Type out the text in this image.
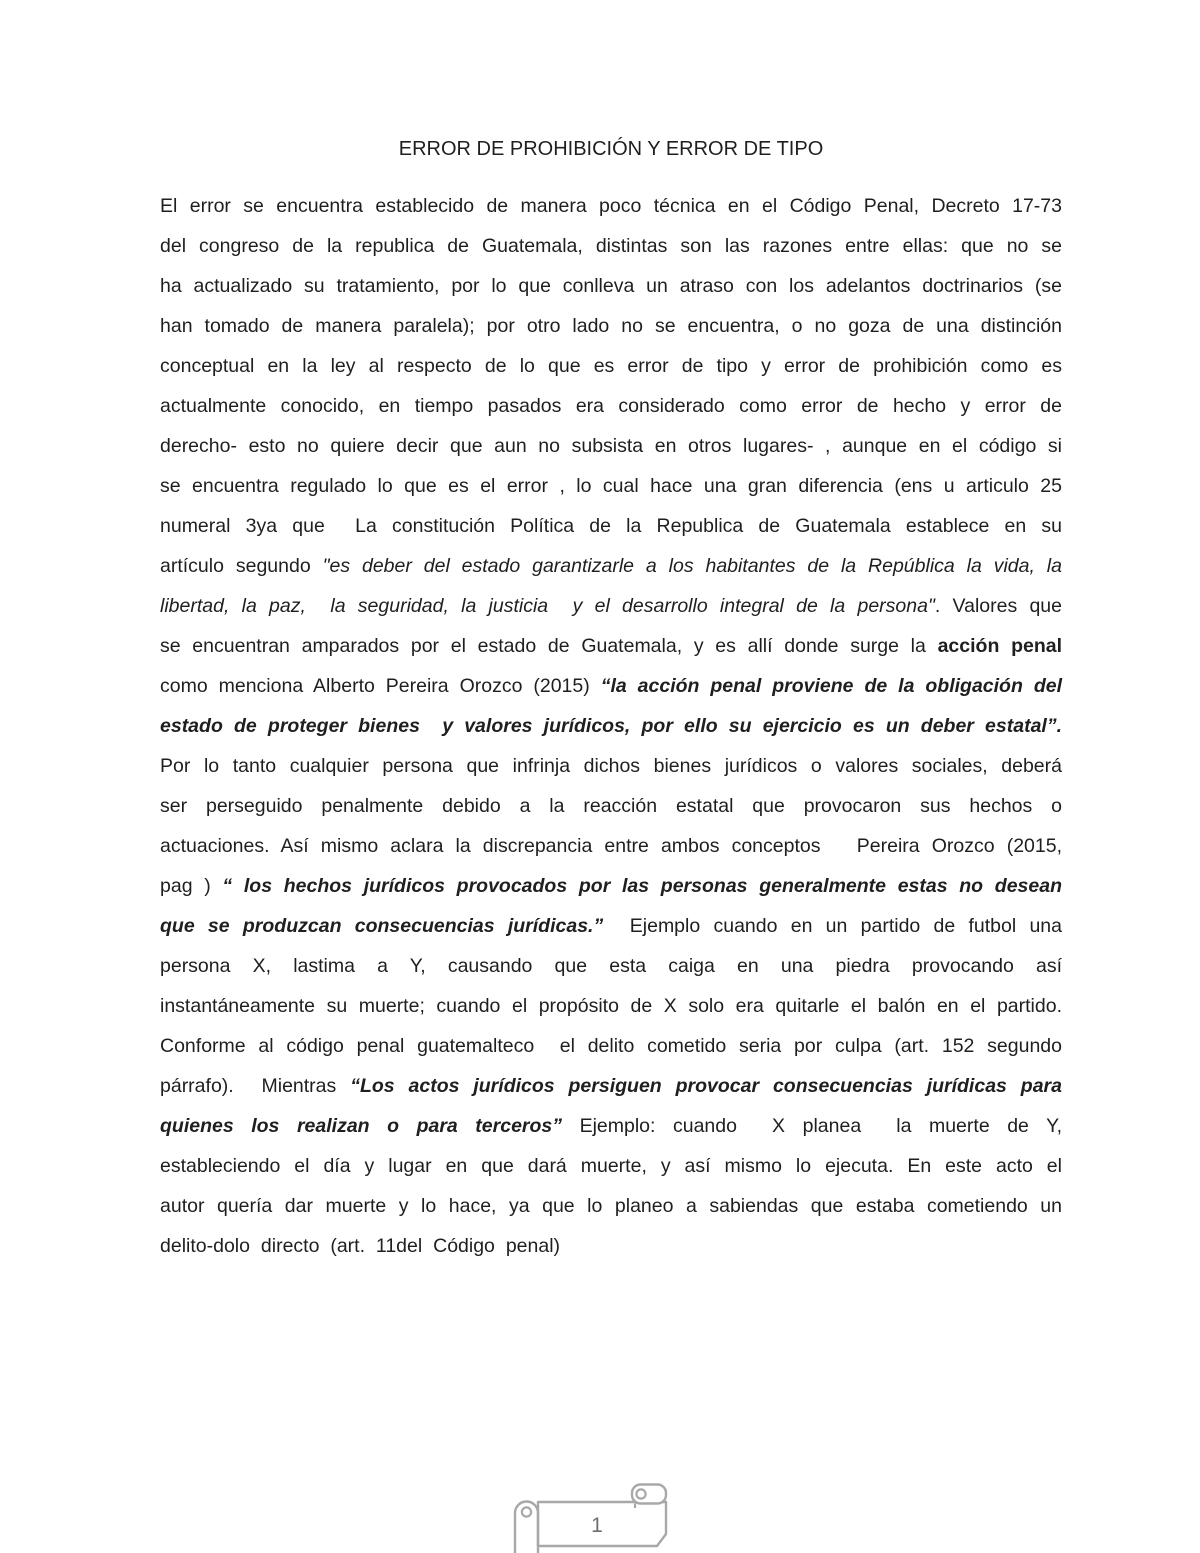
ERROR DE PROHIBICIÓN Y ERROR DE TIPO
El error se encuentra establecido de manera poco técnica en el Código Penal, Decreto 17-73 del congreso de la republica de Guatemala, distintas son las razones entre ellas: que no se ha actualizado su tratamiento, por lo que conlleva un atraso con los adelantos doctrinarios (se han tomado de manera paralela); por otro lado no se encuentra, o no goza de una distinción conceptual en la ley al respecto de lo que es error de tipo y error de prohibición como es actualmente conocido, en tiempo pasados era considerado como error de hecho y error de derecho- esto no quiere decir que aun no subsista en otros lugares- , aunque en el código si se encuentra regulado lo que es el error , lo cual hace una gran diferencia (ens u articulo 25 numeral 3ya que  La constitución Política de la Republica de Guatemala establece en su artículo segundo "es deber del estado garantizarle a los habitantes de la República la vida, la libertad, la paz,  la seguridad, la justicia  y el desarrollo integral de la persona". Valores que se encuentran amparados por el estado de Guatemala, y es allí donde surge la acción penal como menciona Alberto Pereira Orozco (2015) “la acción penal proviene de la obligación del estado de proteger bienes  y valores jurídicos, por ello su ejercicio es un deber estatal”. Por lo tanto cualquier persona que infrinja dichos bienes jurídicos o valores sociales, deberá ser perseguido penalmente debido a la reacción estatal que provocaron sus hechos o actuaciones. Así mismo aclara la discrepancia entre ambos conceptos   Pereira Orozco (2015, pag ) “ los hechos jurídicos provocados por las personas generalmente estas no desean que se produzcan consecuencias jurídicas.”  Ejemplo cuando en un partido de futbol una persona X, lastima a Y, causando que esta caiga en una piedra provocando así instantáneamente su muerte; cuando el propósito de X solo era quitarle el balón en el partido.  Conforme al código penal guatemalteco  el delito cometido seria por culpa (art. 152 segundo párrafo).  Mientras “Los actos jurídicos persiguen provocar consecuencias jurídicas para quienes los realizan o para terceros” Ejemplo: cuando  X planea  la muerte de Y, estableciendo el día y lugar en que dará muerte, y así mismo lo ejecuta. En este acto el autor quería dar muerte y lo hace, ya que lo planeo a sabiendas que estaba cometiendo un delito-dolo directo (art. 11del Código penal)
1
